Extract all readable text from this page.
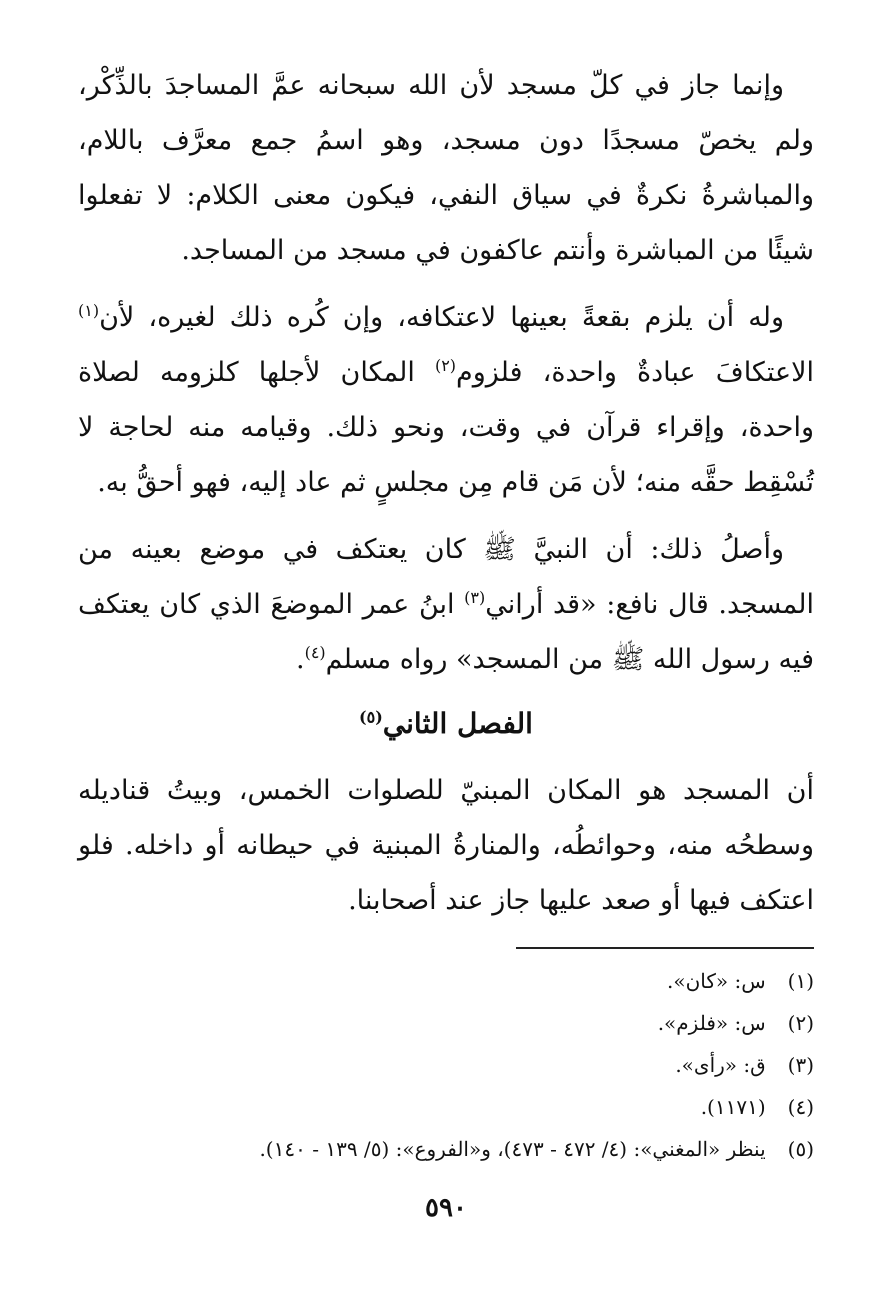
وإنما جاز في كلّ مسجد لأن الله سبحانه عمَّ المساجدَ بالذِّكْر، ولم يخصّ مسجدًا دون مسجد، وهو اسمُ جمع معرَّف باللام، والمباشرةُ نكرةٌ في سياق النفي، فيكون معنى الكلام: لا تفعلوا شيئًا من المباشرة وأنتم عاكفون في مسجد من المساجد.

وله أن يلزم بقعةً بعينها لاعتكافه، وإن كُره ذلك لغيره، لأن$^{(١)}$ الاعتكافَ عبادةٌ واحدة، فلزوم$^{(٢)}$ المكان لأجلها كلزومه لصلاة واحدة، وإقراء قرآن في وقت، ونحو ذلك. وقيامه منه لحاجة لا تُسْقِط حقَّه منه؛ لأن مَن قام مِن مجلسٍ ثم عاد إليه، فهو أحقُّ به.

وأصلُ ذلك: أن النبيَّ ﷺ كان يعتكف في موضع بعينه من المسجد. قال نافع: «قد أراني$^{(٣)}$ ابنُ عمر الموضعَ الذي كان يعتكف فيه رسول الله ﷺ من المسجد» رواه مسلم$^{(٤)}$.

الفصل الثاني$^{(٥)}$

أن المسجد هو المكان المبنيّ للصلوات الخمس، وبيتُ قناديله وسطحُه منه، وحوائطُه، والمنارةُ المبنية في حيطانه أو داخله. فلو اعتكف فيها أو صعد عليها جاز عند أصحابنا.

(١) س: «كان».
(٢) س: «فلزم».
(٣) ق: «رأى».
(٤) (١١٧١).
(٥) ينظر «المغني»: (٤/ ٤٧٢ - ٤٧٣)، و«الفروع»: (٥/ ١٣٩ - ١٤٠).
٥٩٠
